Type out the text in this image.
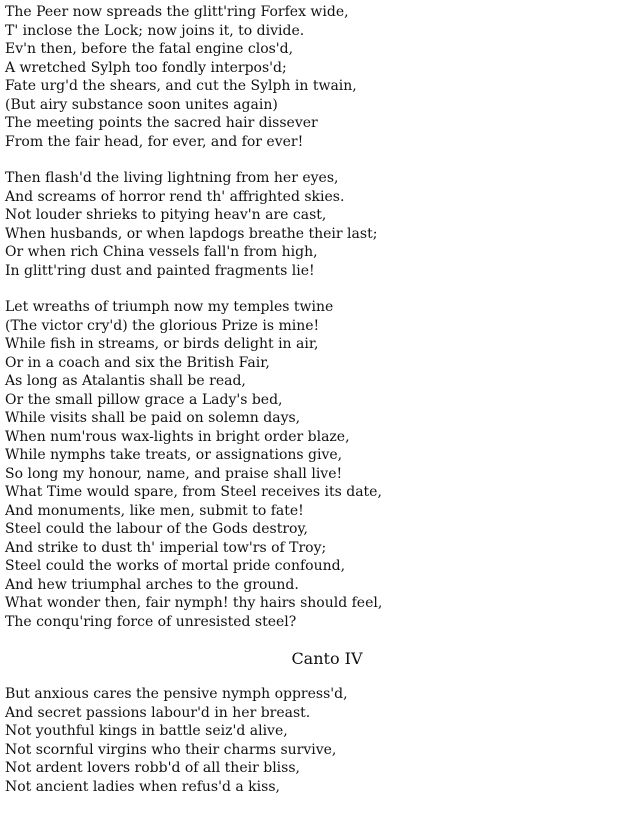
The Peer now spreads the glitt'ring Forfex wide,
T' inclose the Lock; now joins it, to divide.
Ev'n then, before the fatal engine clos'd,
A wretched Sylph too fondly interpos'd;
Fate urg'd the shears, and cut the Sylph in twain,
(But airy substance soon unites again)
The meeting points the sacred hair dissever
From the fair head, for ever, and for ever!
Then flash'd the living lightning from her eyes,
And screams of horror rend th' affrighted skies.
Not louder shrieks to pitying heav'n are cast,
When husbands, or when lapdogs breathe their last;
Or when rich China vessels fall'n from high,
In glitt'ring dust and painted fragments lie!
Let wreaths of triumph now my temples twine
(The victor cry'd) the glorious Prize is mine!
While fish in streams, or birds delight in air,
Or in a coach and six the British Fair,
As long as Atalantis shall be read,
Or the small pillow grace a Lady's bed,
While visits shall be paid on solemn days,
When num'rous wax-lights in bright order blaze,
While nymphs take treats, or assignations give,
So long my honour, name, and praise shall live!
What Time would spare, from Steel receives its date,
And monuments, like men, submit to fate!
Steel could the labour of the Gods destroy,
And strike to dust th' imperial tow'rs of Troy;
Steel could the works of mortal pride confound,
And hew triumphal arches to the ground.
What wonder then, fair nymph! thy hairs should feel,
The conqu'ring force of unresisted steel?
Canto IV
But anxious cares the pensive nymph oppress'd,
And secret passions labour'd in her breast.
Not youthful kings in battle seiz'd alive,
Not scornful virgins who their charms survive,
Not ardent lovers robb'd of all their bliss,
Not ancient ladies when refus'd a kiss,
